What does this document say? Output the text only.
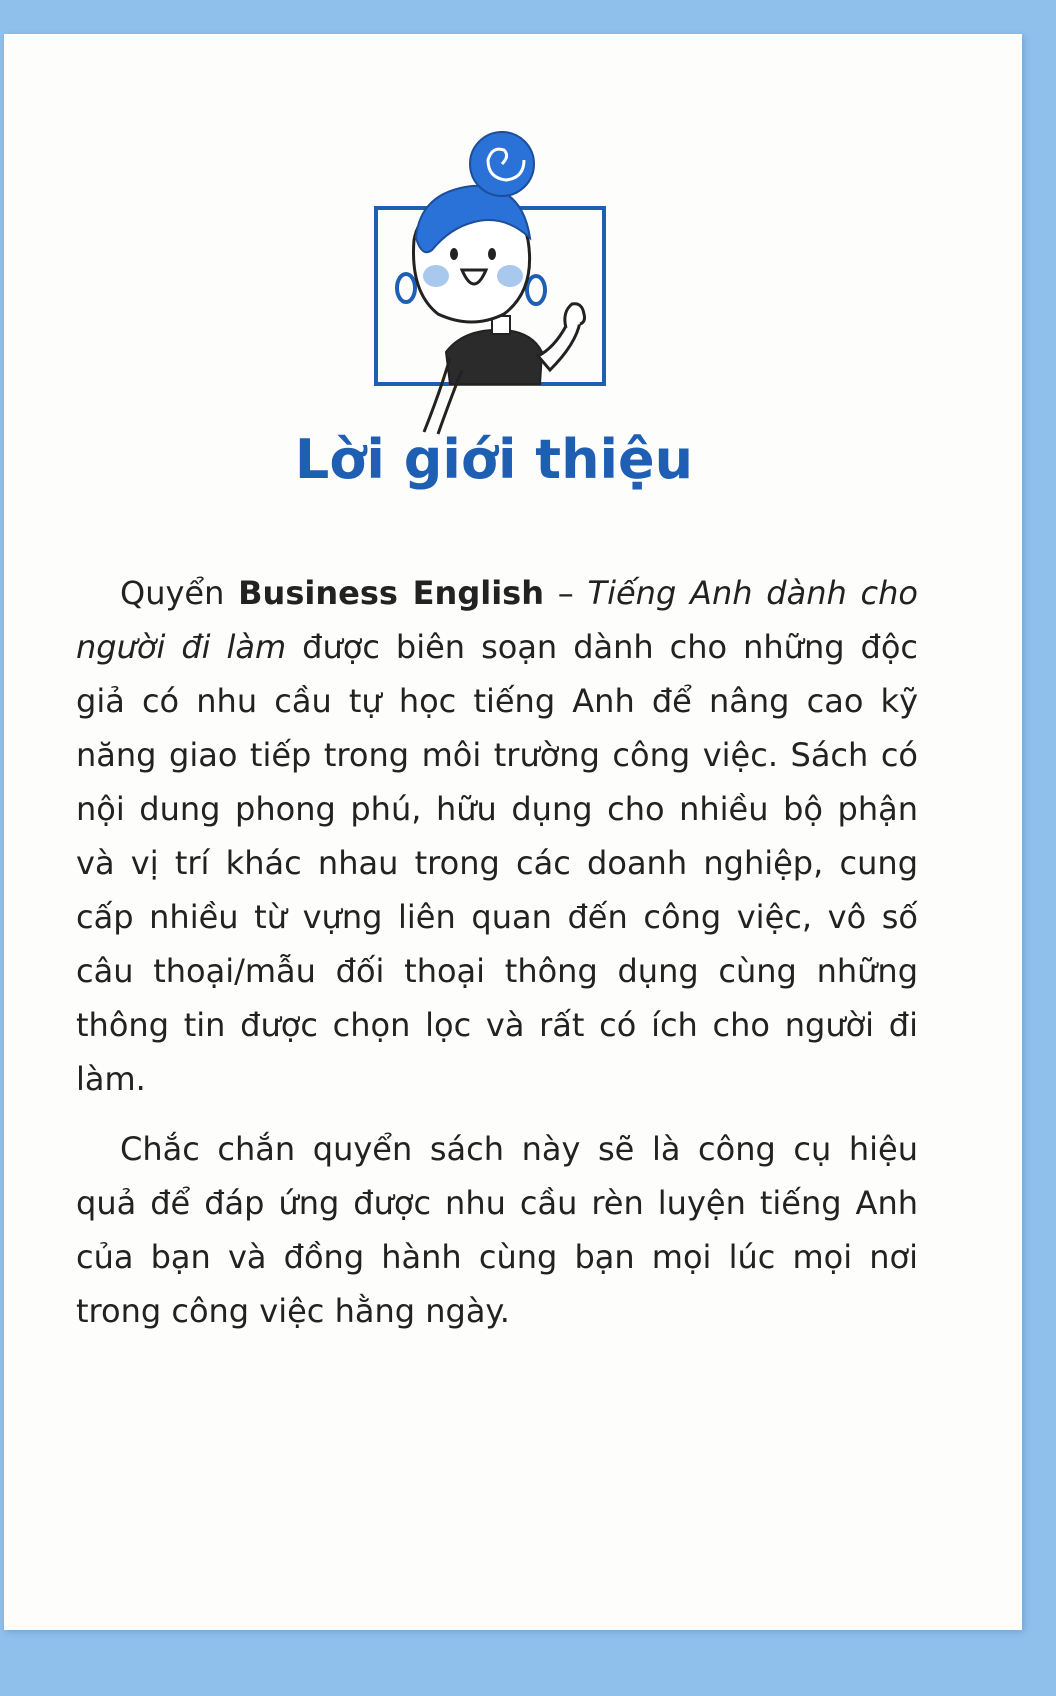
Lời giới thiệu

Quyển Business English – Tiếng Anh dành cho người đi làm được biên soạn dành cho những độc giả có nhu cầu tự học tiếng Anh để nâng cao kỹ năng giao tiếp trong môi trường công việc. Sách có nội dung phong phú, hữu dụng cho nhiều bộ phận và vị trí khác nhau trong các doanh nghiệp, cung cấp nhiều từ vựng liên quan đến công việc, vô số câu thoại/mẫu đối thoại thông dụng cùng những thông tin được chọn lọc và rất có ích cho người đi làm.

Chắc chắn quyển sách này sẽ là công cụ hiệu quả để đáp ứng được nhu cầu rèn luyện tiếng Anh của bạn và đồng hành cùng bạn mọi lúc mọi nơi trong công việc hằng ngày.
